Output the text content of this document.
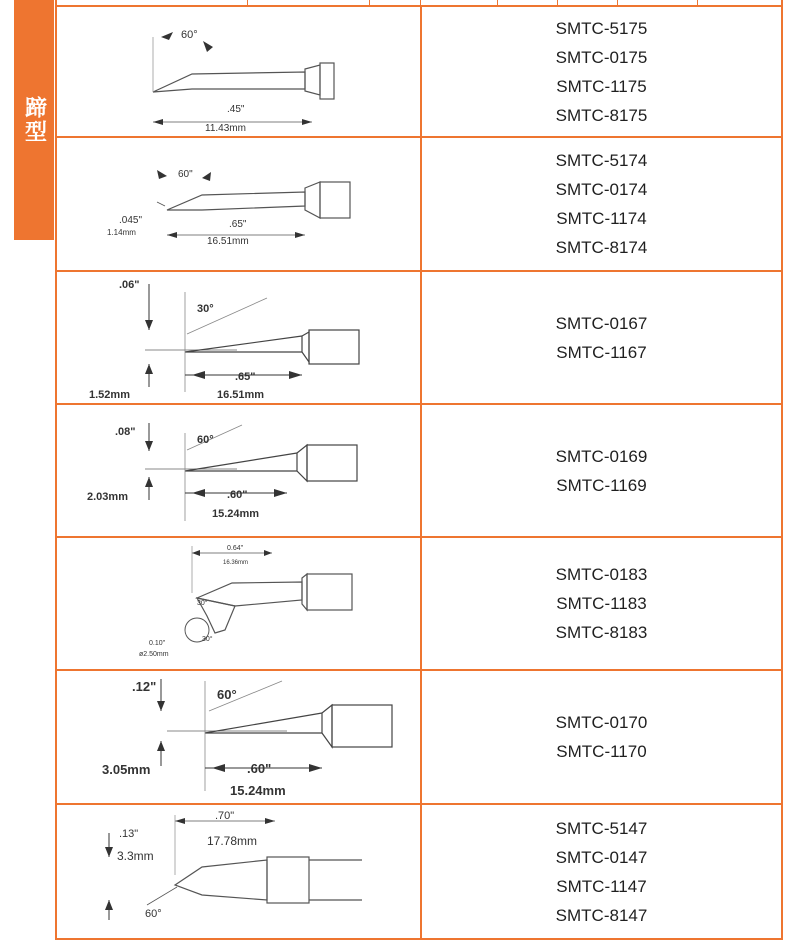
蹄型
60°
.45"
11.43mm
SMTC-5175
SMTC-0175
SMTC-1175
SMTC-8175
60"
.045"
1.14mm
.65"
16.51mm
SMTC-5174
SMTC-0174
SMTC-1174
SMTC-8174
.06"
30°
1.52mm
.65"
16.51mm
SMTC-0167
SMTC-1167
.08"
60°
2.03mm	.60"
15.24mm
SMTC-0169
SMTC-1169
0.64"
16.36mm
30°
30°
0.10"
ø2.50mm
SMTC-0183
SMTC-1183
SMTC-8183
.12"
60°
3.05mm	.60"
15.24mm
SMTC-0170
SMTC-1170
.70"
17.78mm
.13"
3.3mm
60°
SMTC-5147
SMTC-0147
SMTC-1147
SMTC-8147
